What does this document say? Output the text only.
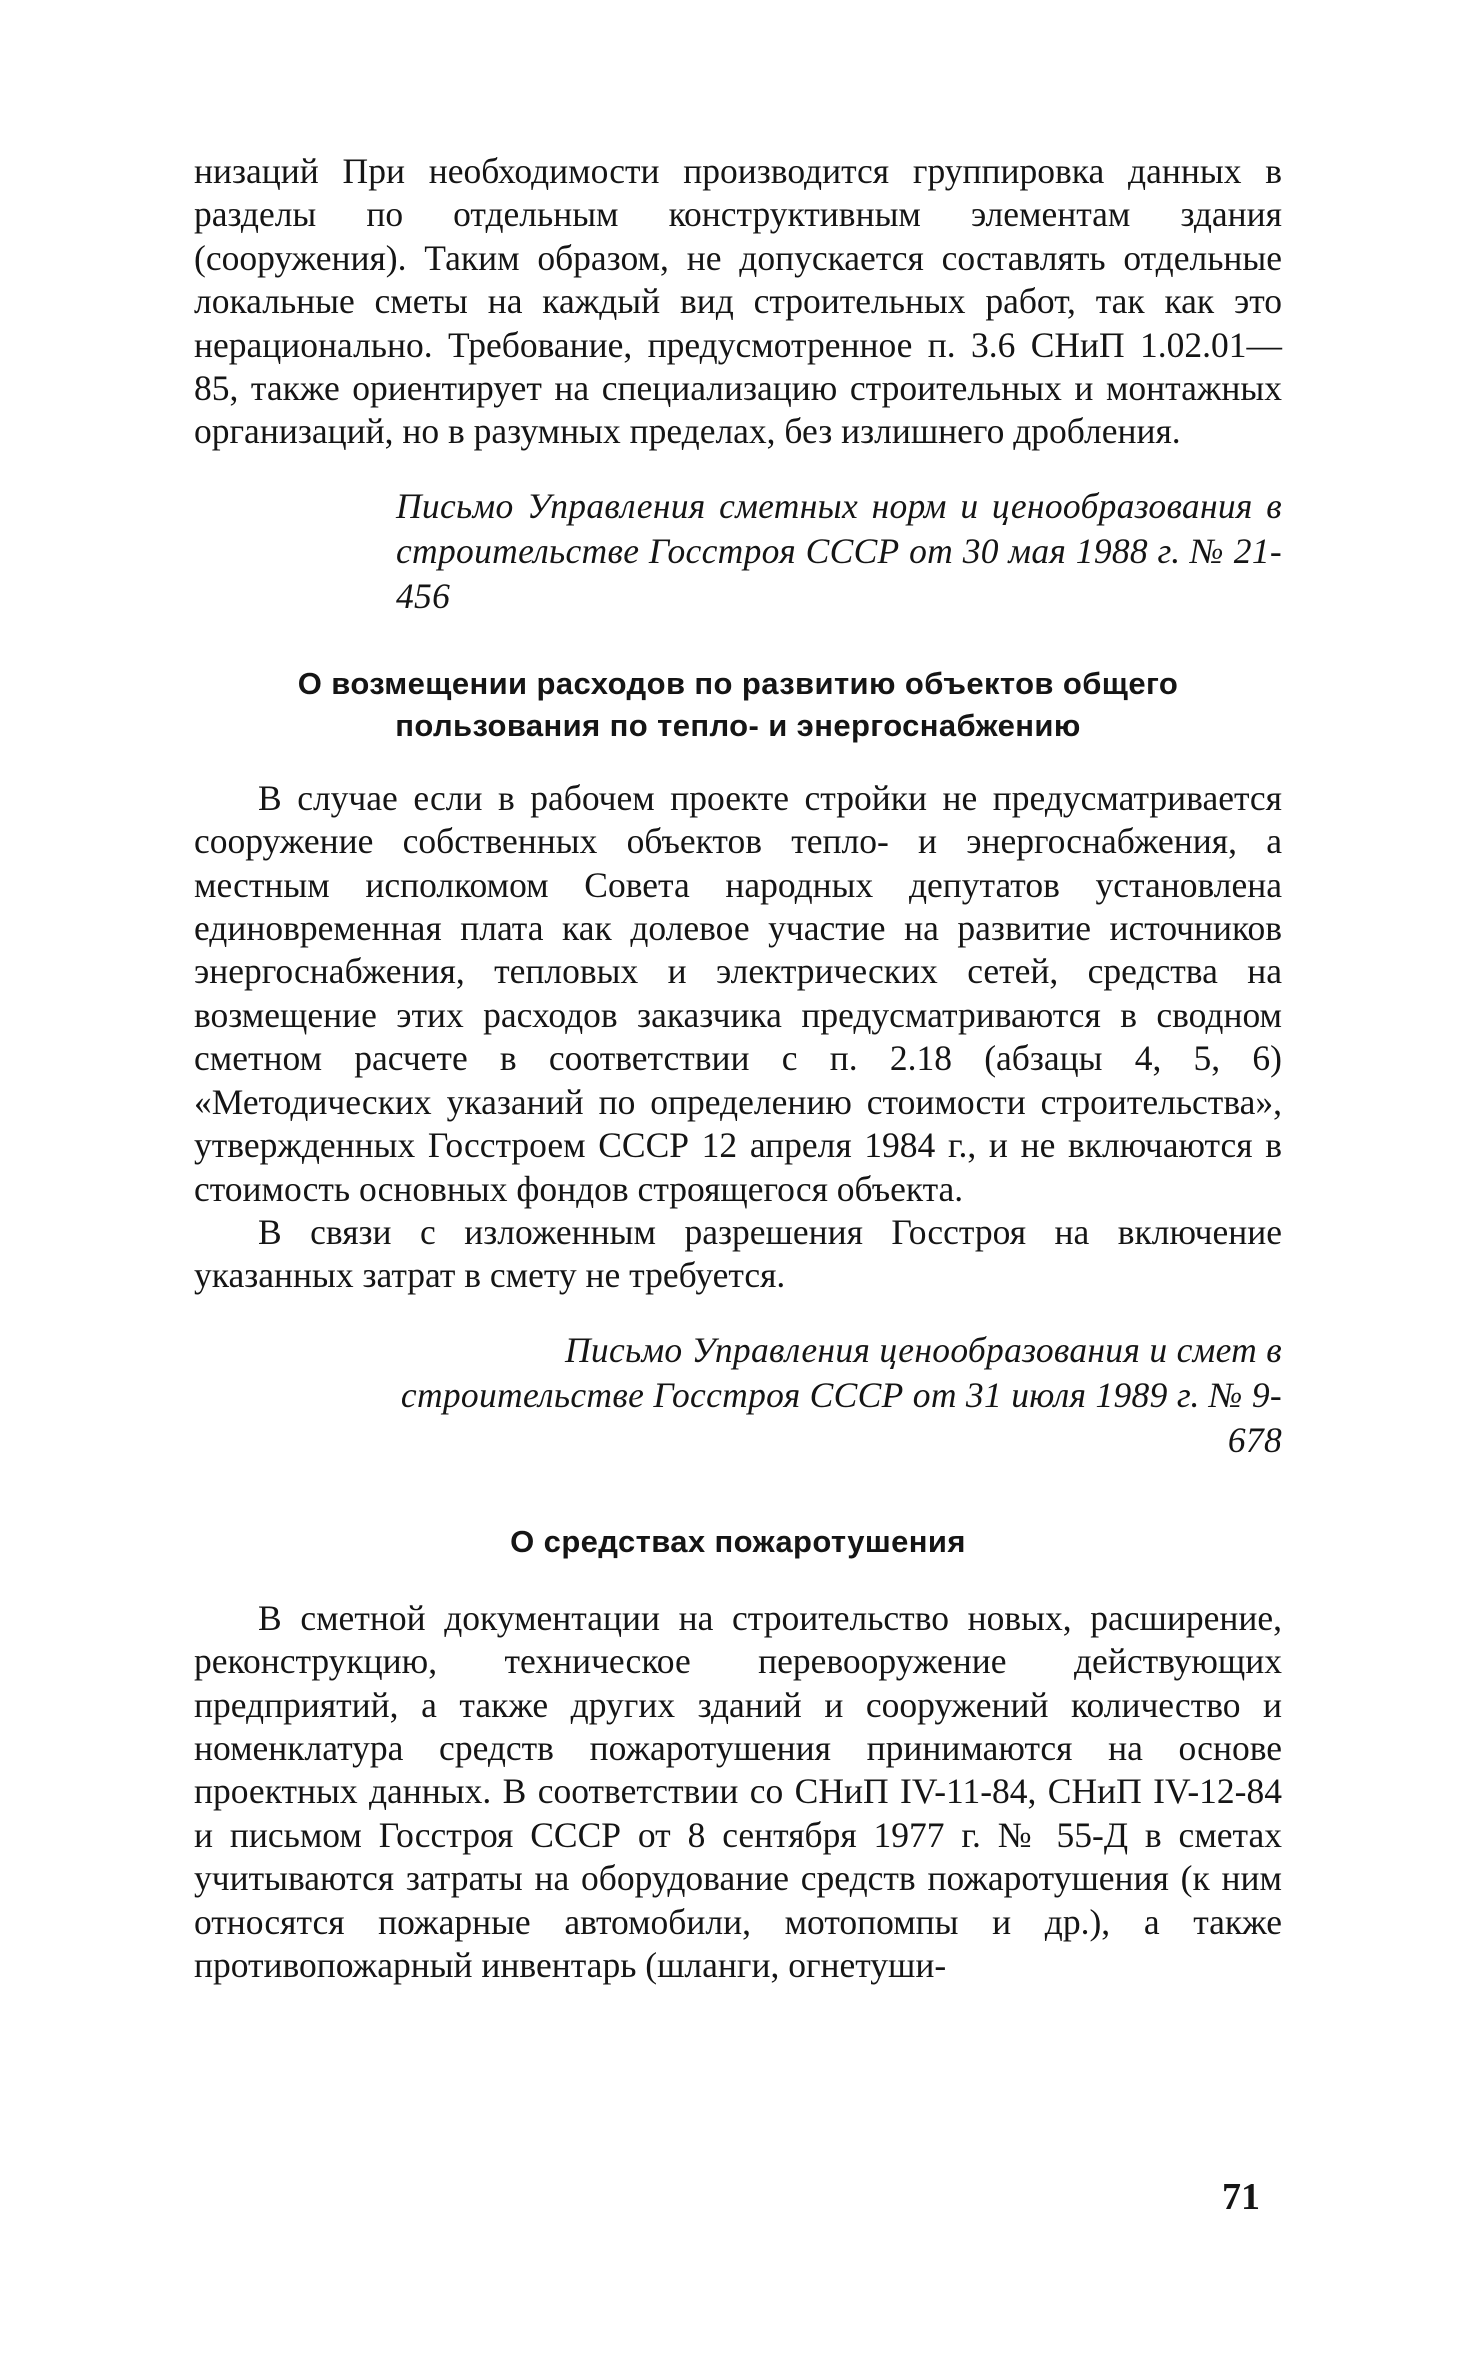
низаций При необходимости производится группировка данных в разделы по отдельным конструктивным элементам здания (сооружения). Таким образом, не допускается составлять отдельные локальные сметы на каждый вид строительных работ, так как это нерационально. Требование, предусмотренное п. 3.6 СНиП 1.02.01—85, также ориентирует на специализацию строительных и монтажных организаций, но в разумных пределах, без излишнего дробления.

Письмо Управления сметных норм и ценообразования в строительстве Госстроя СССР от 30 мая 1988 г. № 21-456

О возмещении расходов по развитию объектов общего пользования по тепло- и энергоснабжению

В случае если в рабочем проекте стройки не предусматривается сооружение собственных объектов тепло- и энергоснабжения, а местным исполкомом Совета народных депутатов установлена единовременная плата как долевое участие на развитие источников энергоснабжения, тепловых и электрических сетей, средства на возмещение этих расходов заказчика предусматриваются в сводном сметном расчете в соответствии с п. 2.18 (абзацы 4, 5, 6) «Методических указаний по определению стоимости строительства», утвержденных Госстроем СССР 12 апреля 1984 г., и не включаются в стоимость основных фондов строящегося объекта.

В связи с изложенным разрешения Госстроя на включение указанных затрат в смету не требуется.

Письмо Управления ценообразования и смет в строительстве Госстроя СССР от 31 июля 1989 г. № 9-678

О средствах пожаротушения

В сметной документации на строительство новых, расширение, реконструкцию, техническое перевооружение действующих предприятий, а также других зданий и сооружений количество и номенклатура средств пожаротушения принимаются на основе проектных данных. В соответствии со СНиП IV-11-84, СНиП IV-12-84 и письмом Госстроя СССР от 8 сентября 1977 г. № 55-Д в сметах учитываются затраты на оборудование средств пожаротушения (к ним относятся пожарные автомобили, мотопомпы и др.), а также противопожарный инвентарь (шланги, огнетуши-

71
